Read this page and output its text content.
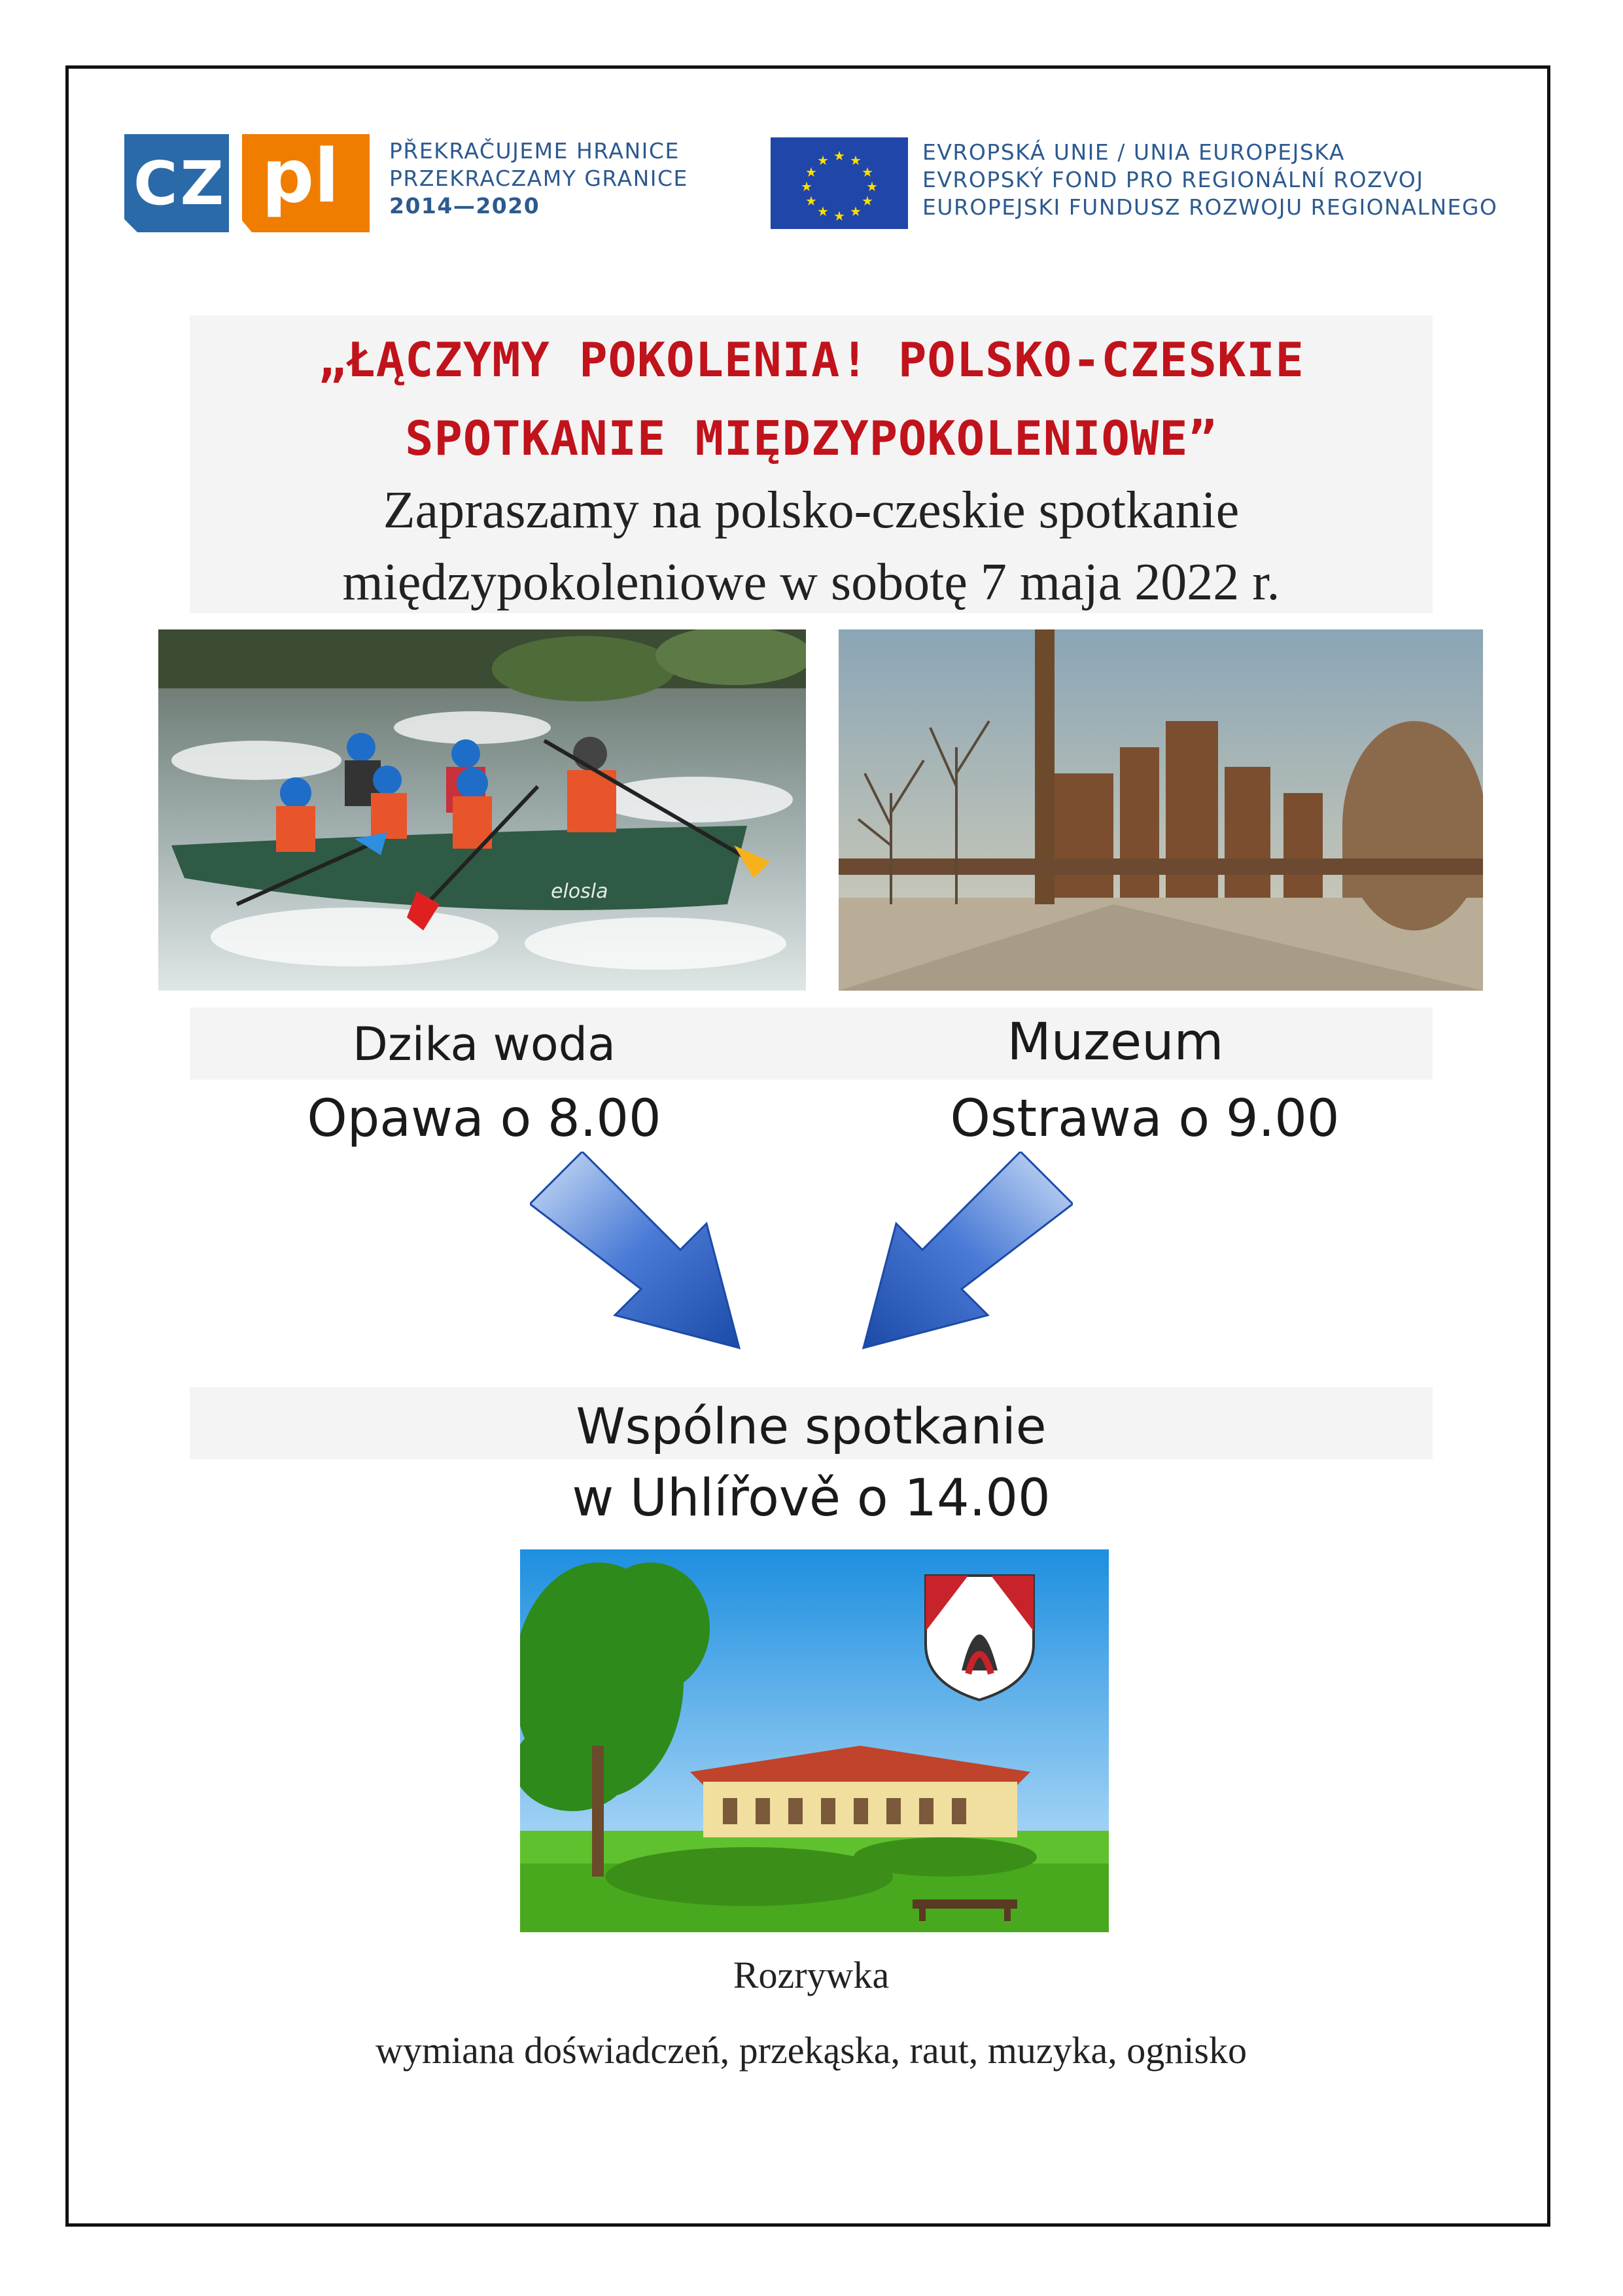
CZ pl PŘEKRAČUJEME HRANICE
PRZEKRACZAMY GRANICE
2014—2020
★ ★
★
★
★
★
★
★
★
★
★
★	EVROPSKÁ UNIE / UNIA EUROPEJSKA
EVROPSKÝ FOND PRO REGIONÁLNÍ ROZVOJ
EUROPEJSKI FUNDUSZ ROZWOJU REGIONALNEGO
„ŁĄCZYMY POKOLENIA! POLSKO-CZESKIE
SPOTKANIE MIĘDZYPOKOLENIOWE”
Zapraszamy na polsko-czeskie spotkanie
międzypokoleniowe w sobotę 7 maja 2022 r.
elosla
Dzika woda	Muzeum
Opawa o 8.00	Ostrawa o 9.00
Wspólne spotkanie
w Uhlířově o 14.00
Rozrywka
wymiana doświadczeń, przekąska, raut, muzyka, ognisko
